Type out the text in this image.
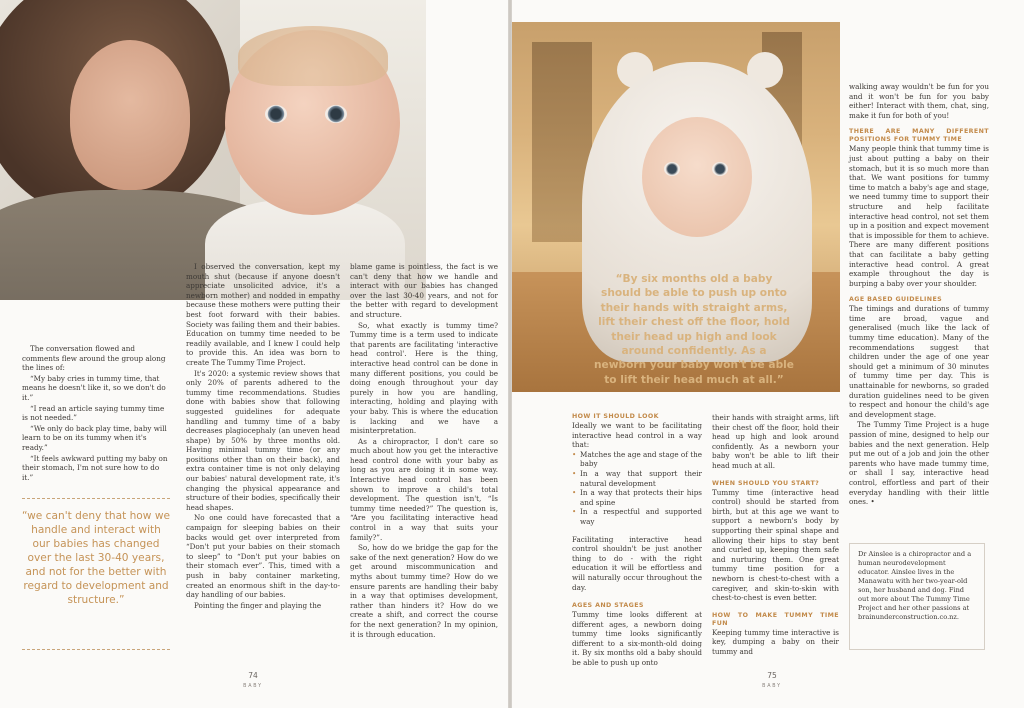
The conversation flowed and comments flew around the group along the lines of:

“My baby cries in tummy time, that means he doesn't like it, so we don't do it.”

“I read an article saying tummy time is not needed.”

“We only do back play time, baby will learn to be on its tummy when it's ready.”

“It feels awkward putting my baby on their stomach, I'm not sure how to do it.”

“we can't deny that how we handle and interact with our babies has changed over the last 30-40 years, and not for the better with regard to development and structure.”

I observed the conversation, kept my mouth shut (because if anyone doesn't appreciate unsolicited advice, it's a newborn mother) and nodded in empathy because these mothers were putting their best foot forward with their babies. Society was failing them and their babies. Education on tummy time needed to be readily available, and I knew I could help to provide this. An idea was born to create The Tummy Time Project.

It's 2020: a systemic review shows that only 20% of parents adhered to the tummy time recommendations. Studies done with babies show that following suggested guidelines for adequate handling and tummy time of a baby decreases plagiocephaly (an uneven head shape) by 50% by three months old. Having minimal tummy time (or any positions other than on their back), and extra container time is not only delaying our babies' natural development rate, it's changing the physical appearance and structure of their bodies, specifically their head shapes.

No one could have forecasted that a campaign for sleeping babies on their backs would get over interpreted from “Don't put your babies on their stomach to sleep” to “Don't put your babies on their stomach ever”. This, timed with a push in baby container marketing, created an enormous shift in the day-to-day handling of our babies.

Pointing the finger and playing the

blame game is pointless, the fact is we can't deny that how we handle and interact with our babies has changed over the last 30-40 years, and not for the better with regard to development and structure.

So, what exactly is tummy time? Tummy time is a term used to indicate that parents are facilitating 'interactive head control'. Here is the thing, interactive head control can be done in many different positions, you could be doing enough throughout your day purely in how you are handling, interacting, holding and playing with your baby. This is where the education is lacking and we have a misinterpretation.

As a chiropractor, I don't care so much about how you get the interactive head control done with your baby as long as you are doing it in some way. Interactive head control has been shown to improve a child's total development. The question isn't, “Is tummy time needed?” The question is, “Are you facilitating interactive head control in a way that suits your family?”.

So, how do we bridge the gap for the sake of the next generation? How do we get around miscommunication and myths about tummy time? How do we ensure parents are handling their baby in a way that optimises development, rather than hinders it? How do we create a shift, and correct the course for the next generation? In my opinion, it is through education.

74
BABY
“By six months old a baby should be able to push up onto their hands with straight arms, lift their chest off the floor, hold their head up high and look around confidently. As a newborn your baby won't be able to lift their head much at all.”
HOW IT SHOULD LOOK

Ideally we want to be facilitating interactive head control in a way that:

• Matches the age and stage of the baby
• In a way that support their natural development
• In a way that protects their hips and spine
• In a respectful and supported way

Facilitating interactive head control shouldn't be just another thing to do - with the right education it will be effortless and will naturally occur throughout the day.

AGES AND STAGES

Tummy time looks different at different ages, a newborn doing tummy time looks significantly different to a six-month-old doing it. By six months old a baby should be able to push up onto

their hands with straight arms, lift their chest off the floor, hold their head up high and look around confidently. As a newborn your baby won't be able to lift their head much at all.

WHEN SHOULD YOU START?

Tummy time (interactive head control) should be started from birth, but at this age we want to support a newborn's body by supporting their spinal shape and allowing their hips to stay bent and curled up, keeping them safe and nurturing them. One great tummy time position for a newborn is chest-to-chest with a caregiver, and skin-to-skin with chest-to-chest is even better.

HOW TO MAKE TUMMY TIME FUN

Keeping tummy time interactive is key, dumping a baby on their tummy and

walking away wouldn't be fun for you and it won't be fun for you baby either! Interact with them, chat, sing, make it fun for both of you!

THERE ARE MANY DIFFERENT POSITIONS FOR TUMMY TIME

Many people think that tummy time is just about putting a baby on their stomach, but it is so much more than that. We want positions for tummy time to match a baby's age and stage, we need tummy time to support their structure and help facilitate interactive head control, not set them up in a position and expect movement that is impossible for them to achieve. There are many different positions that can facilitate a baby getting interactive head control. A great example throughout the day is burping a baby over your shoulder.

AGE BASED GUIDELINES

The timings and durations of tummy time are broad, vague and generalised (much like the lack of tummy time education). Many of the recommendations suggest that children under the age of one year should get a minimum of 30 minutes of tummy time per day. This is unattainable for newborns, so graded duration guidelines need to be given to respect and honour the child's age and development stage.

The Tummy Time Project is a huge passion of mine, designed to help our babies and the next generation. Help put me out of a job and join the other parents who have made tummy time, or shall I say, interactive head control, effortless and part of their everyday handling with their little ones. •

Dr Ainslee is a chiropractor and a human neurodevelopment educator. Ainslee lives in the Manawatu with her two-year-old son, her husband and dog. Find out more about The Tummy Time Project and her other passions at brainunderconstruction.co.nz.
75
BABY
